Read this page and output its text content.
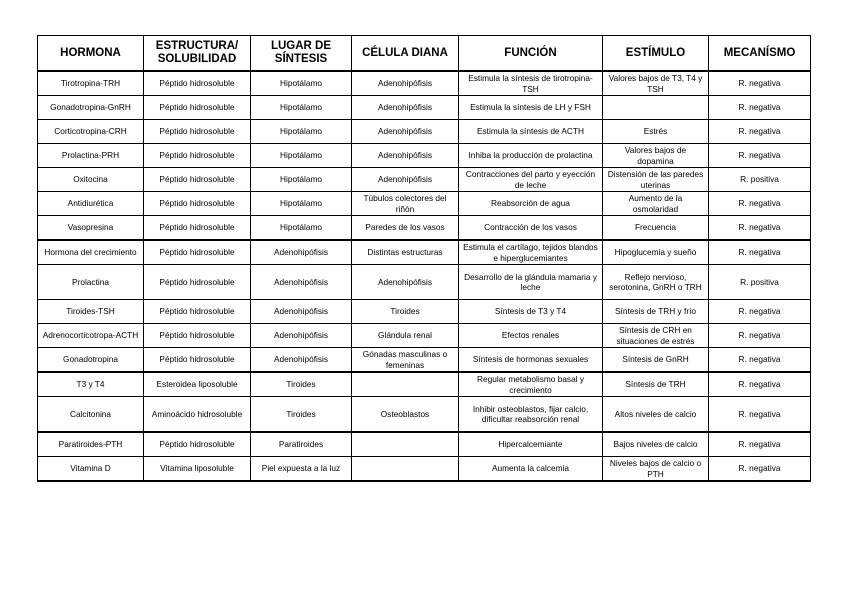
HORMONA	ESTRUCTURA/ SOLUBILIDAD	LUGAR DE SÍNTESIS	CÉLULA DIANA	FUNCIÓN	ESTÍMULO	MECANÍSMO
Tirotropina-TRH	Péptido hidrosoluble	Hipotálamo	Adenohipófisis	Estimula la síntesis de tirotropina-TSH	Valores bajos de T3, T4 y TSH	R. negativa
Gonadotropina-GnRH	Péptido hidrosoluble	Hipotálamo	Adenohipófisis	Estimula la síntesis de LH y FSH		R. negativa
Corticotropina-CRH	Péptido hidrosoluble	Hipotálamo	Adenohipófisis	Estimula la síntesis de ACTH	Estrés	R. negativa
Prolactina-PRH	Péptido hidrosoluble	Hipotálamo	Adenohipófisis	Inhiba la producción de prolactina	Valores bajos de dopamina	R. negativa
Oxitocina	Péptido hidrosoluble	Hipotálamo	Adenohipófisis	Contracciones del parto y eyección de leche	Distensión de las paredes uterinas	R. positiva
Antidiurética	Péptido hidrosoluble	Hipotálamo	Túbulos colectores del riñón	Reabsorción de agua	Aumento de la osmolaridad	R. negativa
Vasopresina	Péptido hidrosoluble	Hipotálamo	Paredes de los vasos	Contracción de los vasos	Frecuencia	R. negativa
Hormona del crecimiento	Péptido hidrosoluble	Adenohipófisis	Distintas estructuras	Estimula el cartílago, tejidos blandos e hiperglucemiantes	Hipoglucemia y sueño	R. negativa
Prolactina	Péptido hidrosoluble	Adenohipófisis	Adenohipófisis	Desarrollo de la glándula mamaria y leche	Reflejo nervioso, serotonina, GnRH o TRH	R. positiva
Tiroides-TSH	Péptido hidrosoluble	Adenohipófisis	Tiroides	Síntesis de T3 y T4	Síntesis de TRH y frío	R. negativa
Adrenocorticotropa-ACTH	Péptido hidrosoluble	Adenohipófisis	Glándula renal	Efectos renales	Síntesis de CRH en situaciones de estrés	R. negativa
Gonadotropina	Péptido hidrosoluble	Adenohipófisis	Gónadas masculinas o femeninas	Síntesis de hormonas sexuales	Síntesis de GnRH	R. negativa
T3 y T4	Esteroidea liposoluble	Tiroides		Regular metabolismo basal y crecimiento	Síntesis de TRH	R. negativa
Calcitonina	Aminoácido hidrosoluble	Tiroides	Osteoblastos	Inhibir osteoblastos, fijar calcio, dificultar reabsorción renal	Altos niveles de calcio	R. negativa
Paratiroides-PTH	Péptido hidrosoluble	Paratiroides		Hipercalcemiante	Bajos niveles de calcio	R. negativa
Vitamina D	Vitamina liposoluble	Piel expuesta a la luz		Aumenta la calcemia	Niveles bajos de calcio o PTH	R. negativa
